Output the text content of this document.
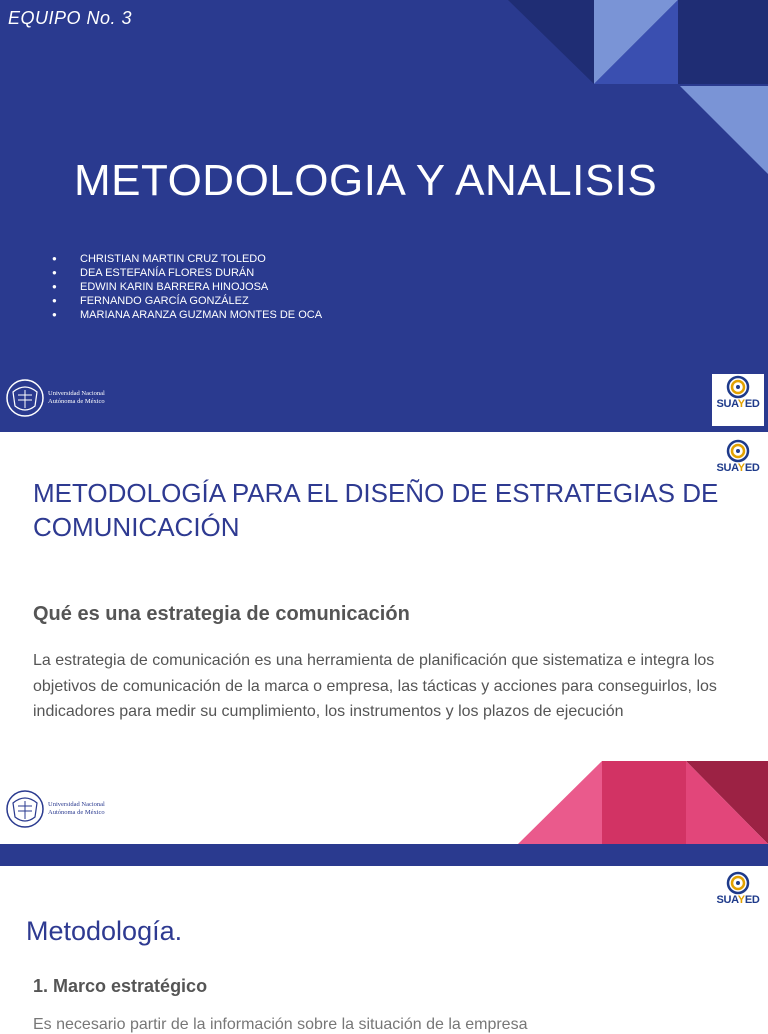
EQUIPO No. 3
METODOLOGIA Y ANALISIS
●	CHRISTIAN MARTIN CRUZ TOLEDO
●	DEA ESTEFANÍA FLORES DURÁN
●	EDWIN KARIN BARRERA HINOJOSA
●	FERNANDO GARCÍA GONZÁLEZ
●	MARIANA ARANZA GUZMAN MONTES DE OCA
Universidad Nacional
Autónoma de México	SUAYED
SUAYED
METODOLOGÍA PARA EL DISEÑO DE ESTRATEGIAS DE COMUNICACIÓN
Qué es una estrategia de comunicación
La estrategia de comunicación es una herramienta de planificación que sistematiza e integra los objetivos de comunicación de la marca o empresa, las tácticas y acciones para conseguirlos, los indicadores para medir su cumplimiento, los instrumentos y los plazos de ejecución
Universidad Nacional
Autónoma de México
SUAYED
Metodología.
1. Marco estratégico
Es necesario partir de la información sobre la situación de la empresa
